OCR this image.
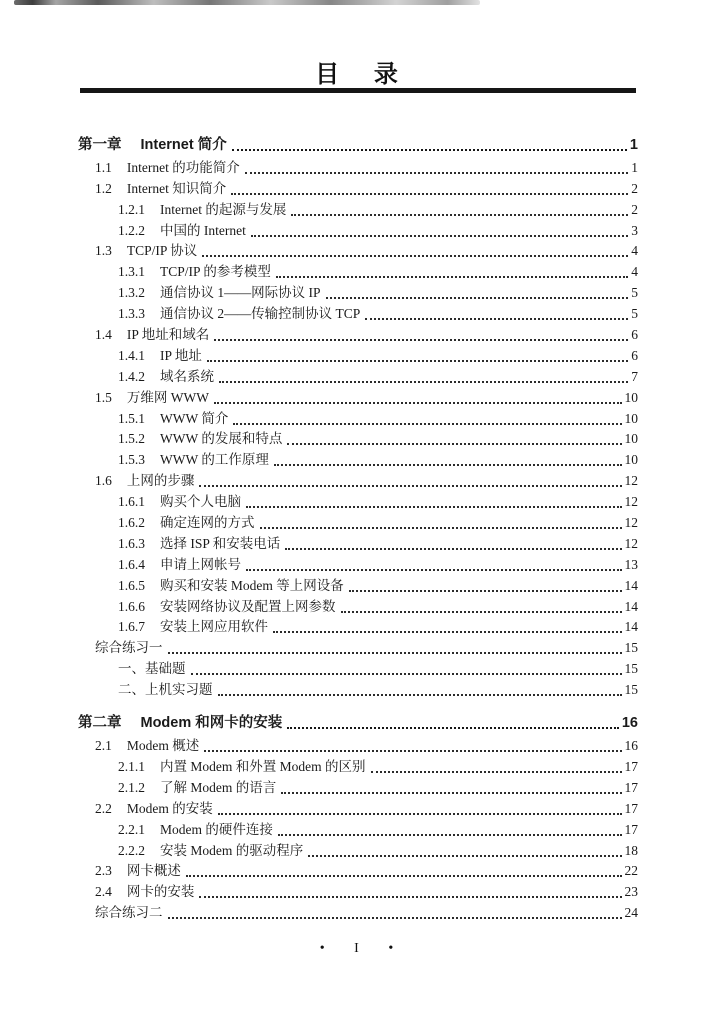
目 录
第一章 Internet 简介	1
1.1 Internet 的功能简介	1
1.2 Internet 知识简介	2
1.2.1 Internet 的起源与发展	2
1.2.2 中国的 Internet	3
1.3 TCP/IP 协议	4
1.3.1 TCP/IP 的参考模型	4
1.3.2 通信协议 1——网际协议 IP	5
1.3.3 通信协议 2——传输控制协议 TCP	5
1.4 IP 地址和域名	6
1.4.1 IP 地址	6
1.4.2 域名系统	7
1.5 万维网 WWW	10
1.5.1 WWW 简介	10
1.5.2 WWW 的发展和特点	10
1.5.3 WWW 的工作原理	10
1.6 上网的步骤	12
1.6.1 购买个人电脑	12
1.6.2 确定连网的方式	12
1.6.3 选择 ISP 和安装电话	12
1.6.4 申请上网帐号	13
1.6.5 购买和安装 Modem 等上网设备	14
1.6.6 安装网络协议及配置上网参数	14
1.6.7 安装上网应用软件	14
综合练习一	15
一、基础题	15
二、上机实习题	15
第二章 Modem 和网卡的安装	16
2.1 Modem 概述	16
2.1.1 内置 Modem 和外置 Modem 的区别	17
2.1.2 了解 Modem 的语言	17
2.2 Modem 的安装	17
2.2.1 Modem 的硬件连接	17
2.2.2 安装 Modem 的驱动程序	18
2.3 网卡概述	22
2.4 网卡的安装	23
综合练习二	24
• I •
